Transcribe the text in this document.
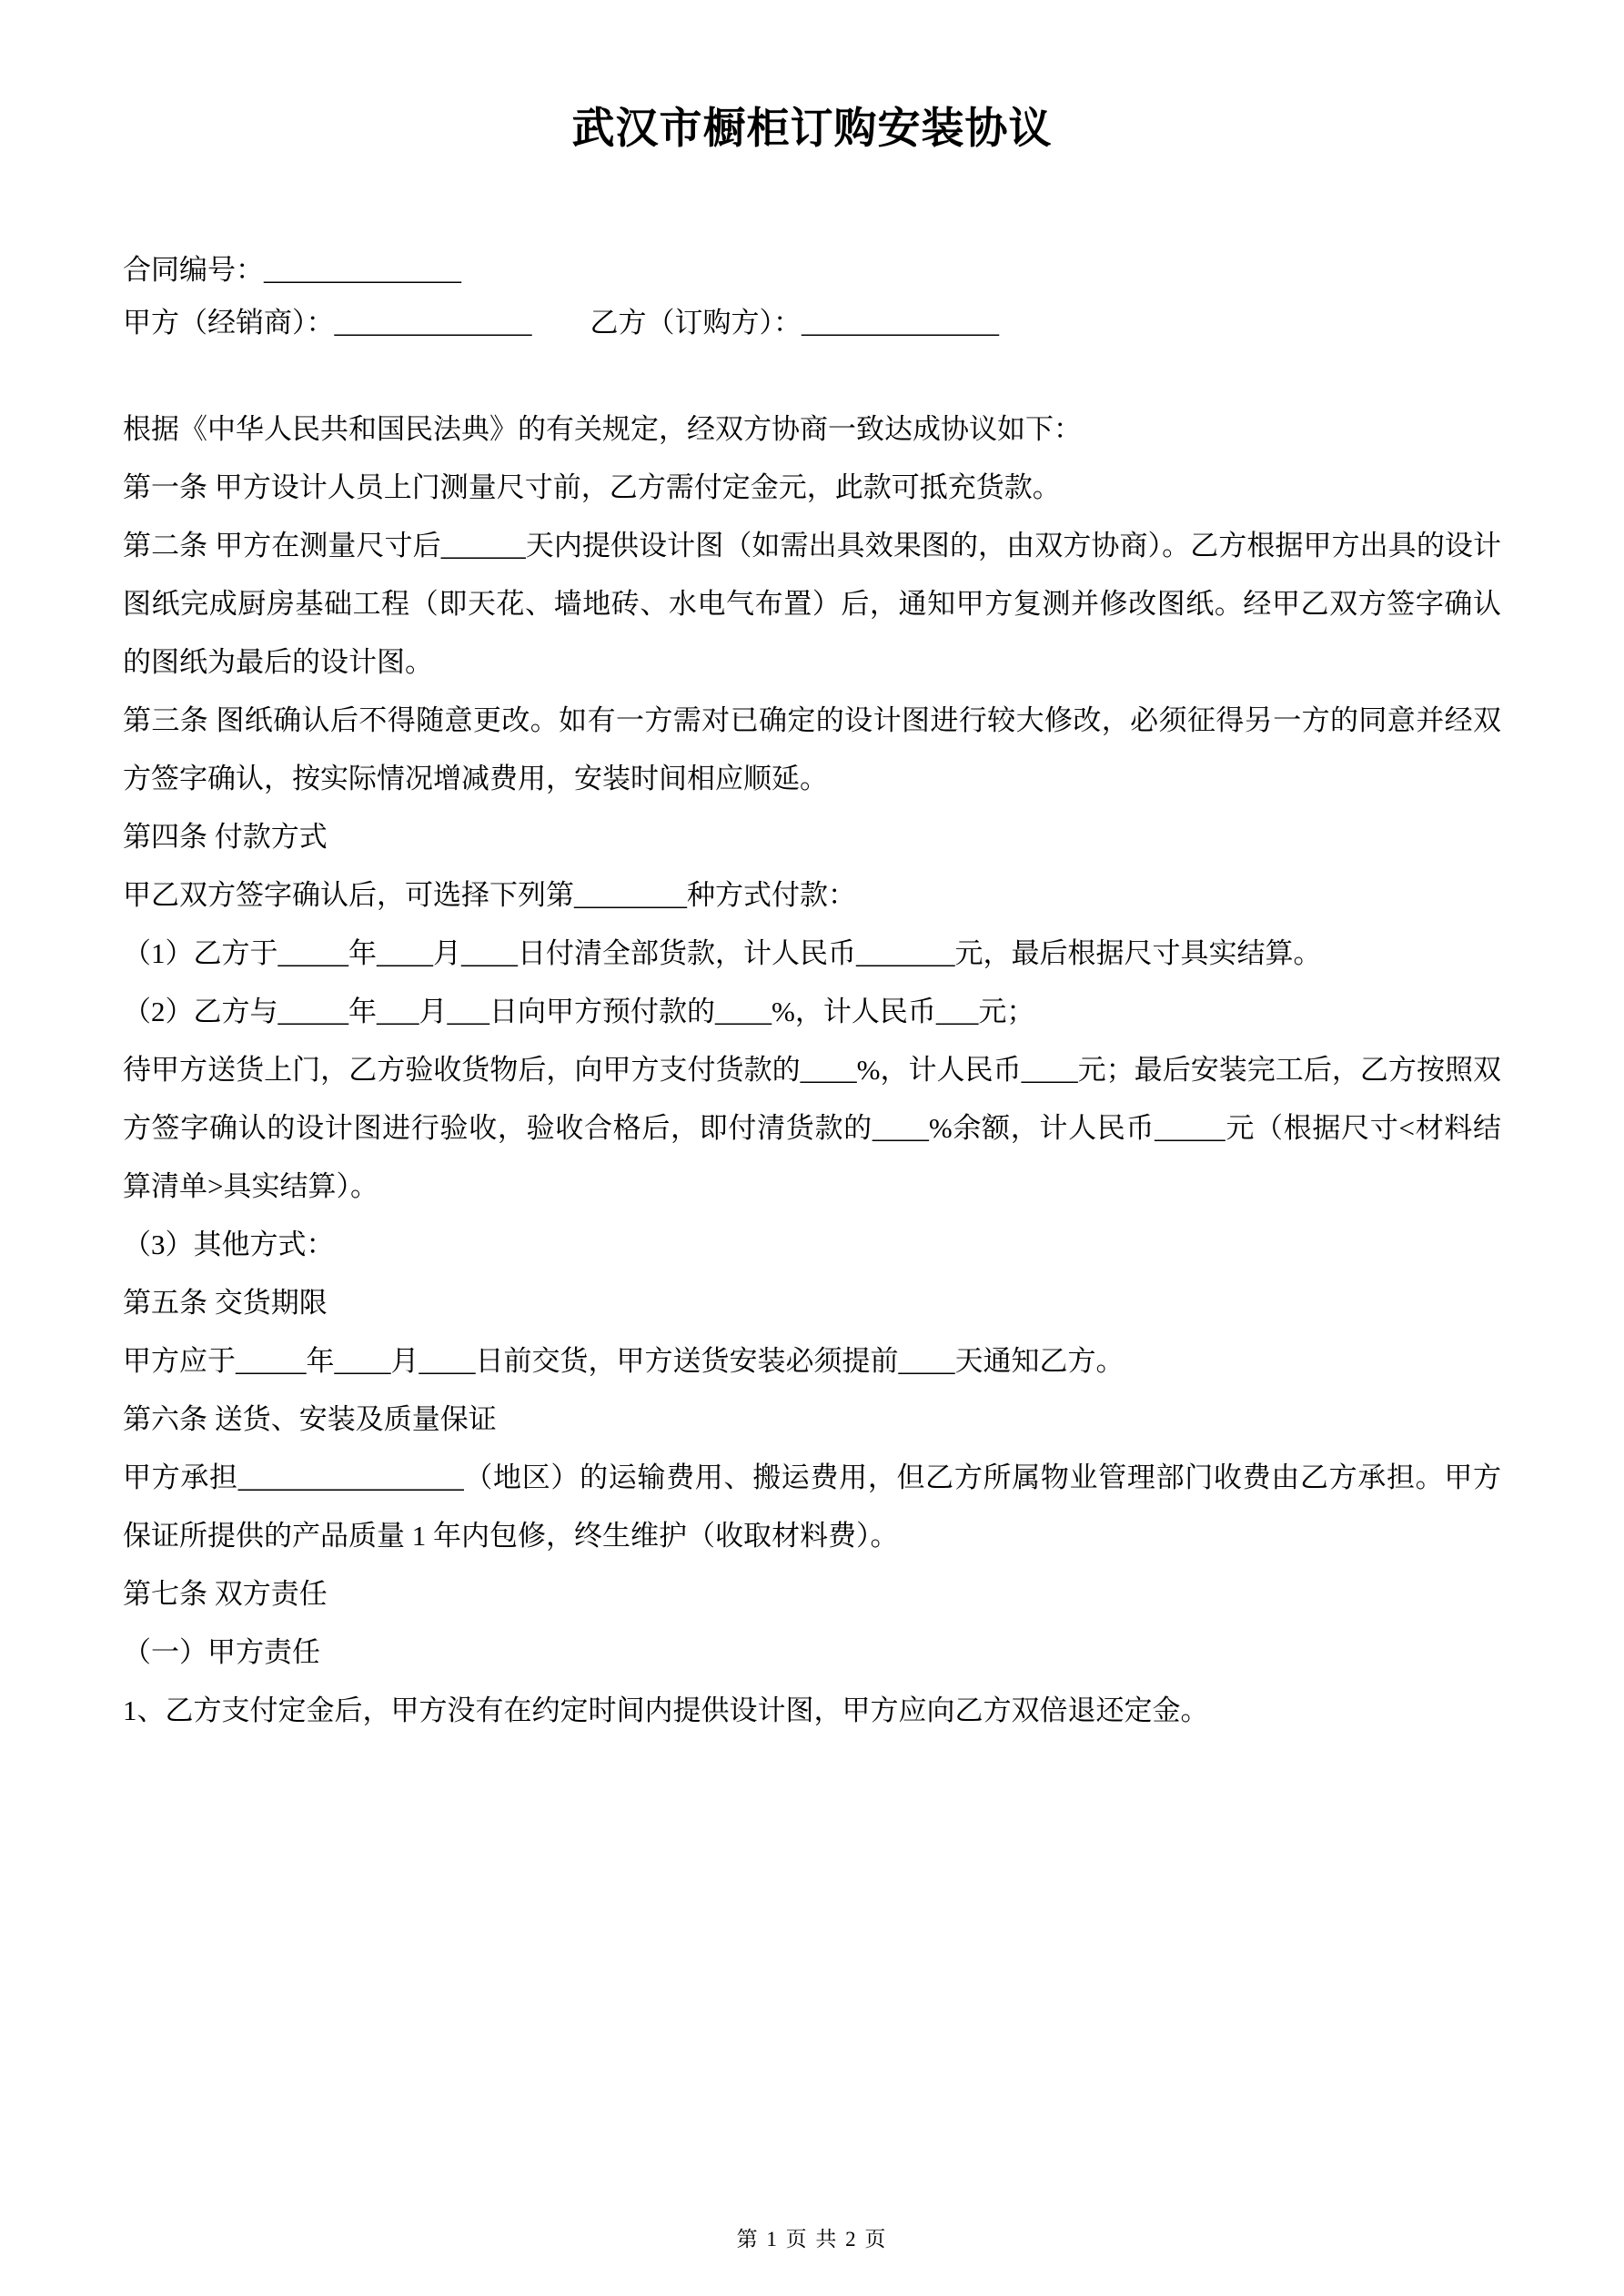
武汉市橱柜订购安装协议

合同编号：______________

甲方（经销商）：______________ 乙方（订购方）：______________

根据《中华人民共和国民法典》的有关规定，经双方协商一致达成协议如下：

第一条 甲方设计人员上门测量尺寸前，乙方需付定金元，此款可抵充货款。

第二条 甲方在测量尺寸后______天内提供设计图（如需出具效果图的，由双方协商）。乙方根据甲方出具的设计图纸完成厨房基础工程（即天花、墙地砖、水电气布置）后，通知甲方复测并修改图纸。经甲乙双方签字确认的图纸为最后的设计图。

第三条 图纸确认后不得随意更改。如有一方需对已确定的设计图进行较大修改，必须征得另一方的同意并经双方签字确认，按实际情况增减费用，安装时间相应顺延。

第四条 付款方式

甲乙双方签字确认后，可选择下列第________种方式付款：

（1）乙方于_____年____月____日付清全部货款，计人民币_______元，最后根据尺寸具实结算。

（2）乙方与_____年___月___日向甲方预付款的____%，计人民币___元；

待甲方送货上门，乙方验收货物后，向甲方支付货款的____%，计人民币____元；最后安装完工后，乙方按照双方签字确认的设计图进行验收，验收合格后，即付清货款的____%余额，计人民币_____元（根据尺寸<材料结算清单>具实结算）。

（3）其他方式：

第五条 交货期限

甲方应于_____年____月____日前交货，甲方送货安装必须提前____天通知乙方。

第六条 送货、安装及质量保证

甲方承担________________（地区）的运输费用、搬运费用，但乙方所属物业管理部门收费由乙方承担。甲方保证所提供的产品质量 1 年内包修，终生维护（收取材料费）。

第七条 双方责任

（一）甲方责任

1、乙方支付定金后，甲方没有在约定时间内提供设计图，甲方应向乙方双倍退还定金。

第 1 页 共 2 页
